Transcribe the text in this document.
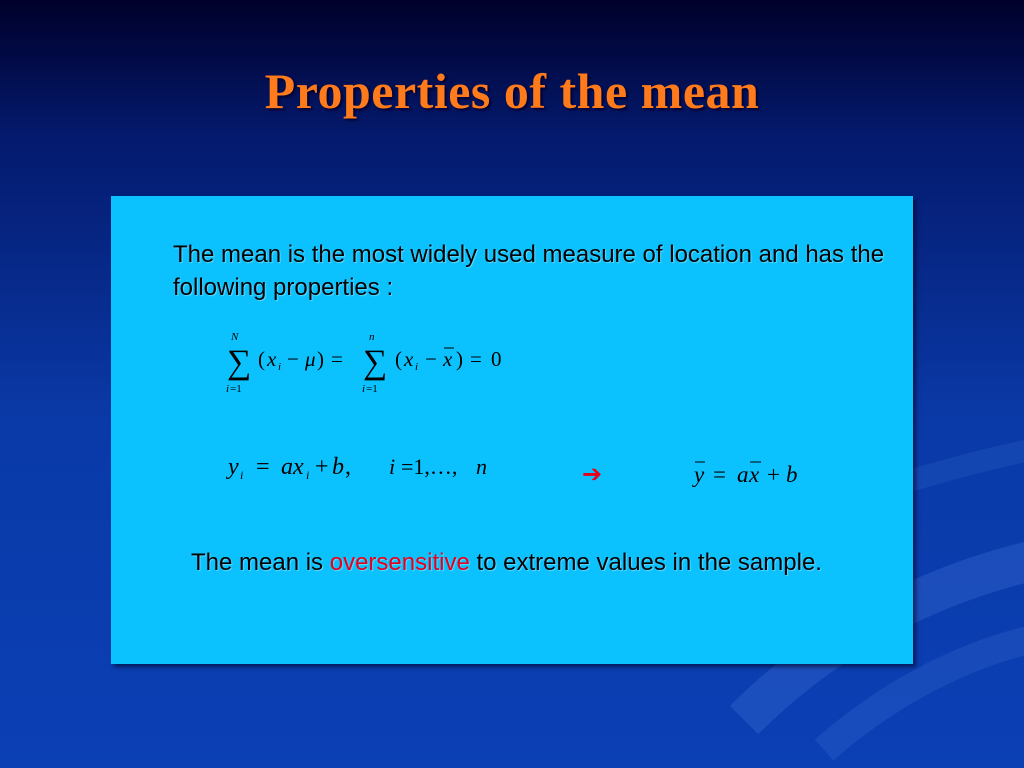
Properties of the mean
The mean is the most widely used measure of location and has the following properties :
N
∑
i =1
( x i − μ ) =
n
∑
i =1
( x i − x ) = 0
y i = ax i + b , i =1,…, n	➔	y = a x + b
The mean is oversensitive to extreme values in the sample.
